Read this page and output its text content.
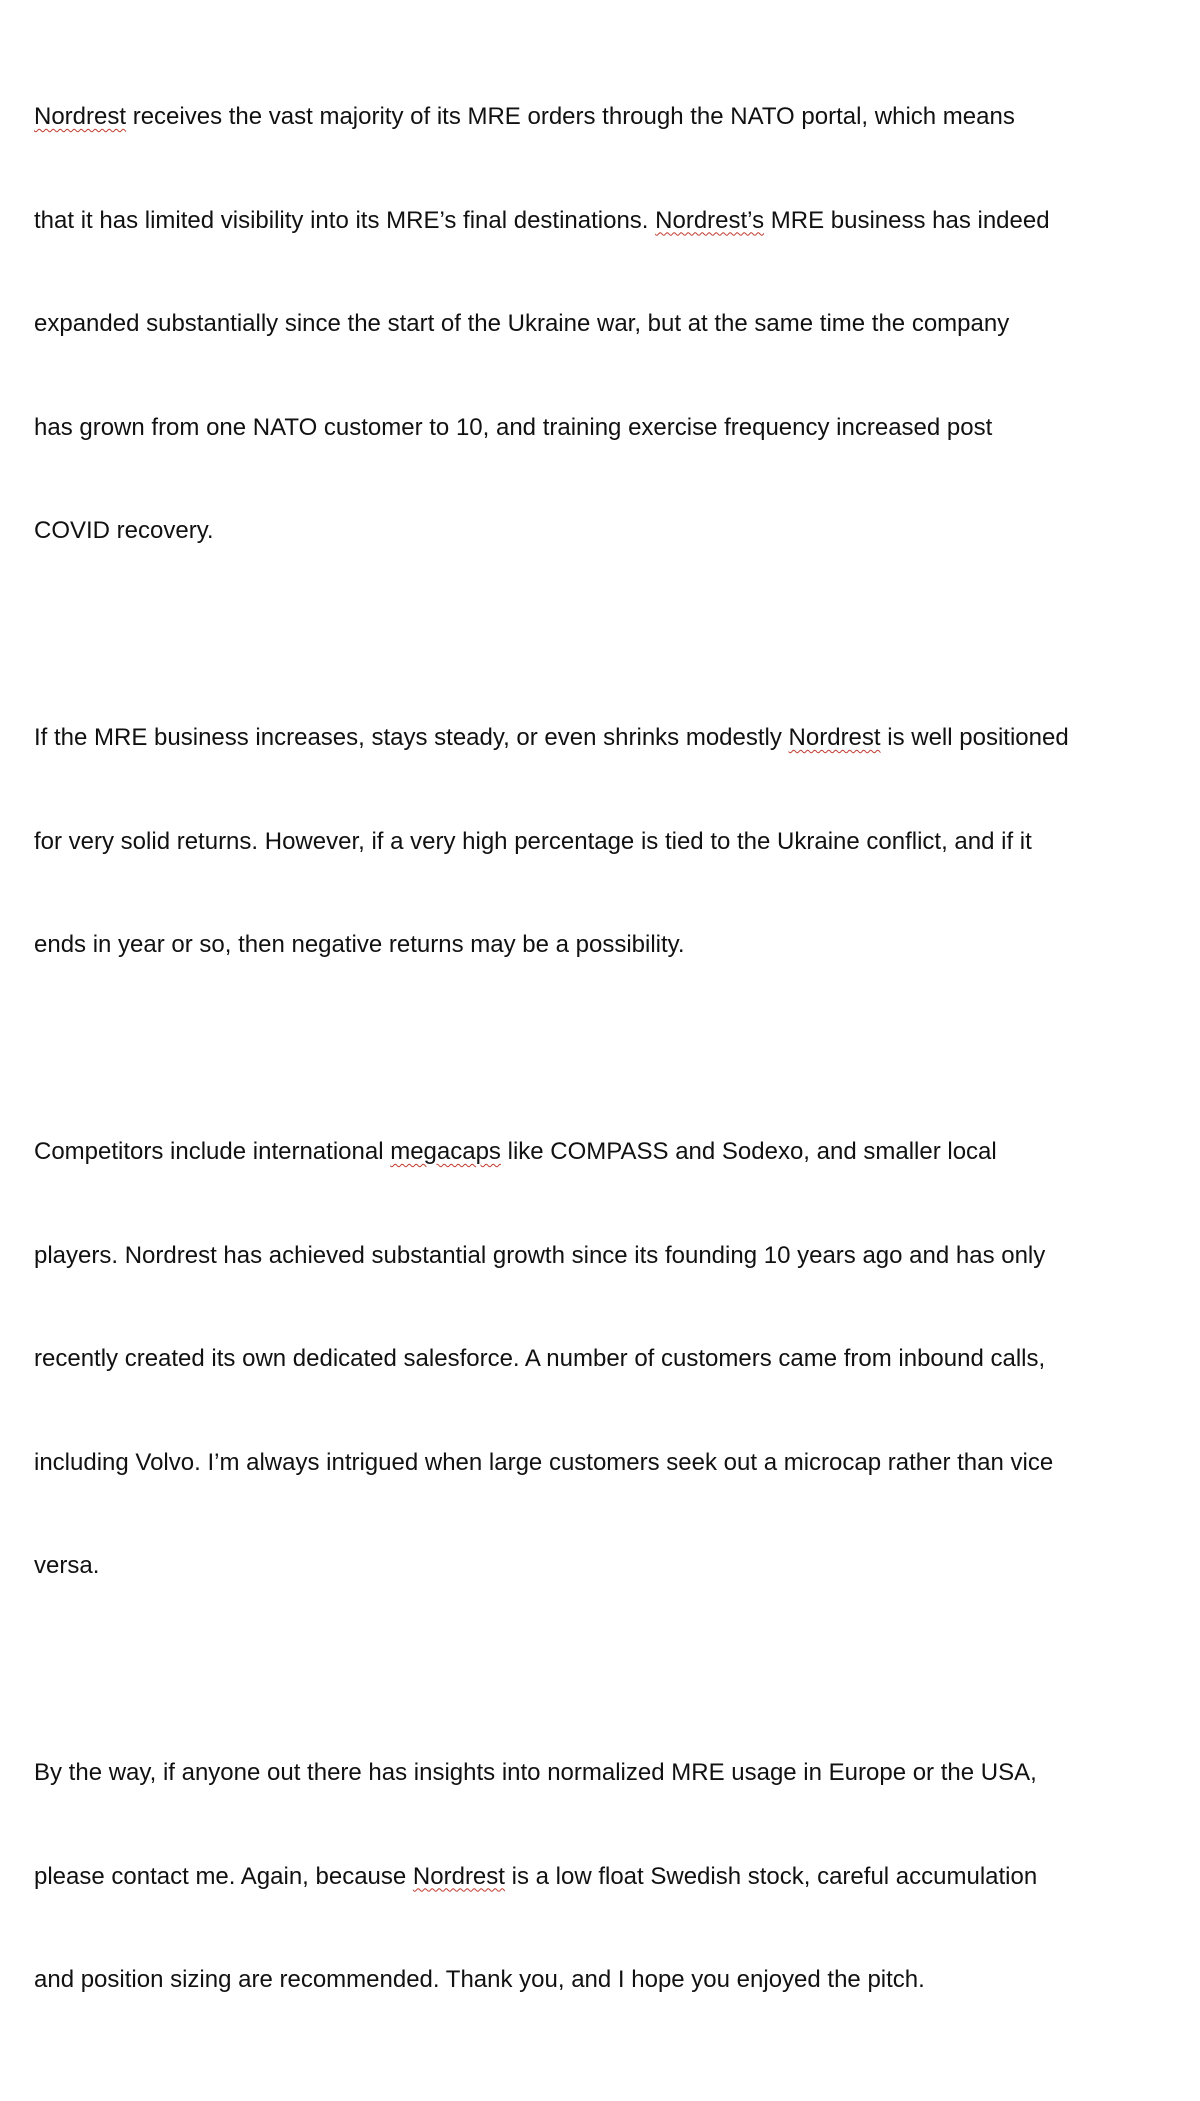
Nordrest receives the vast majority of its MRE orders through the NATO portal, which means

that it has limited visibility into its MRE’s final destinations. Nordrest’s MRE business has indeed

expanded substantially since the start of the Ukraine war, but at the same time the company

has grown from one NATO customer to 10, and training exercise frequency increased post

COVID recovery.

If the MRE business increases, stays steady, or even shrinks modestly Nordrest is well positioned

for very solid returns. However, if a very high percentage is tied to the Ukraine conflict, and if it

ends in year or so, then negative returns may be a possibility.

Competitors include international megacaps like COMPASS and Sodexo, and smaller local

players. Nordrest has achieved substantial growth since its founding 10 years ago and has only

recently created its own dedicated salesforce. A number of customers came from inbound calls,

including Volvo. I’m always intrigued when large customers seek out a microcap rather than vice

versa.

By the way, if anyone out there has insights into normalized MRE usage in Europe or the USA,

please contact me. Again, because Nordrest is a low float Swedish stock, careful accumulation

and position sizing are recommended. Thank you, and I hope you enjoyed the pitch.
